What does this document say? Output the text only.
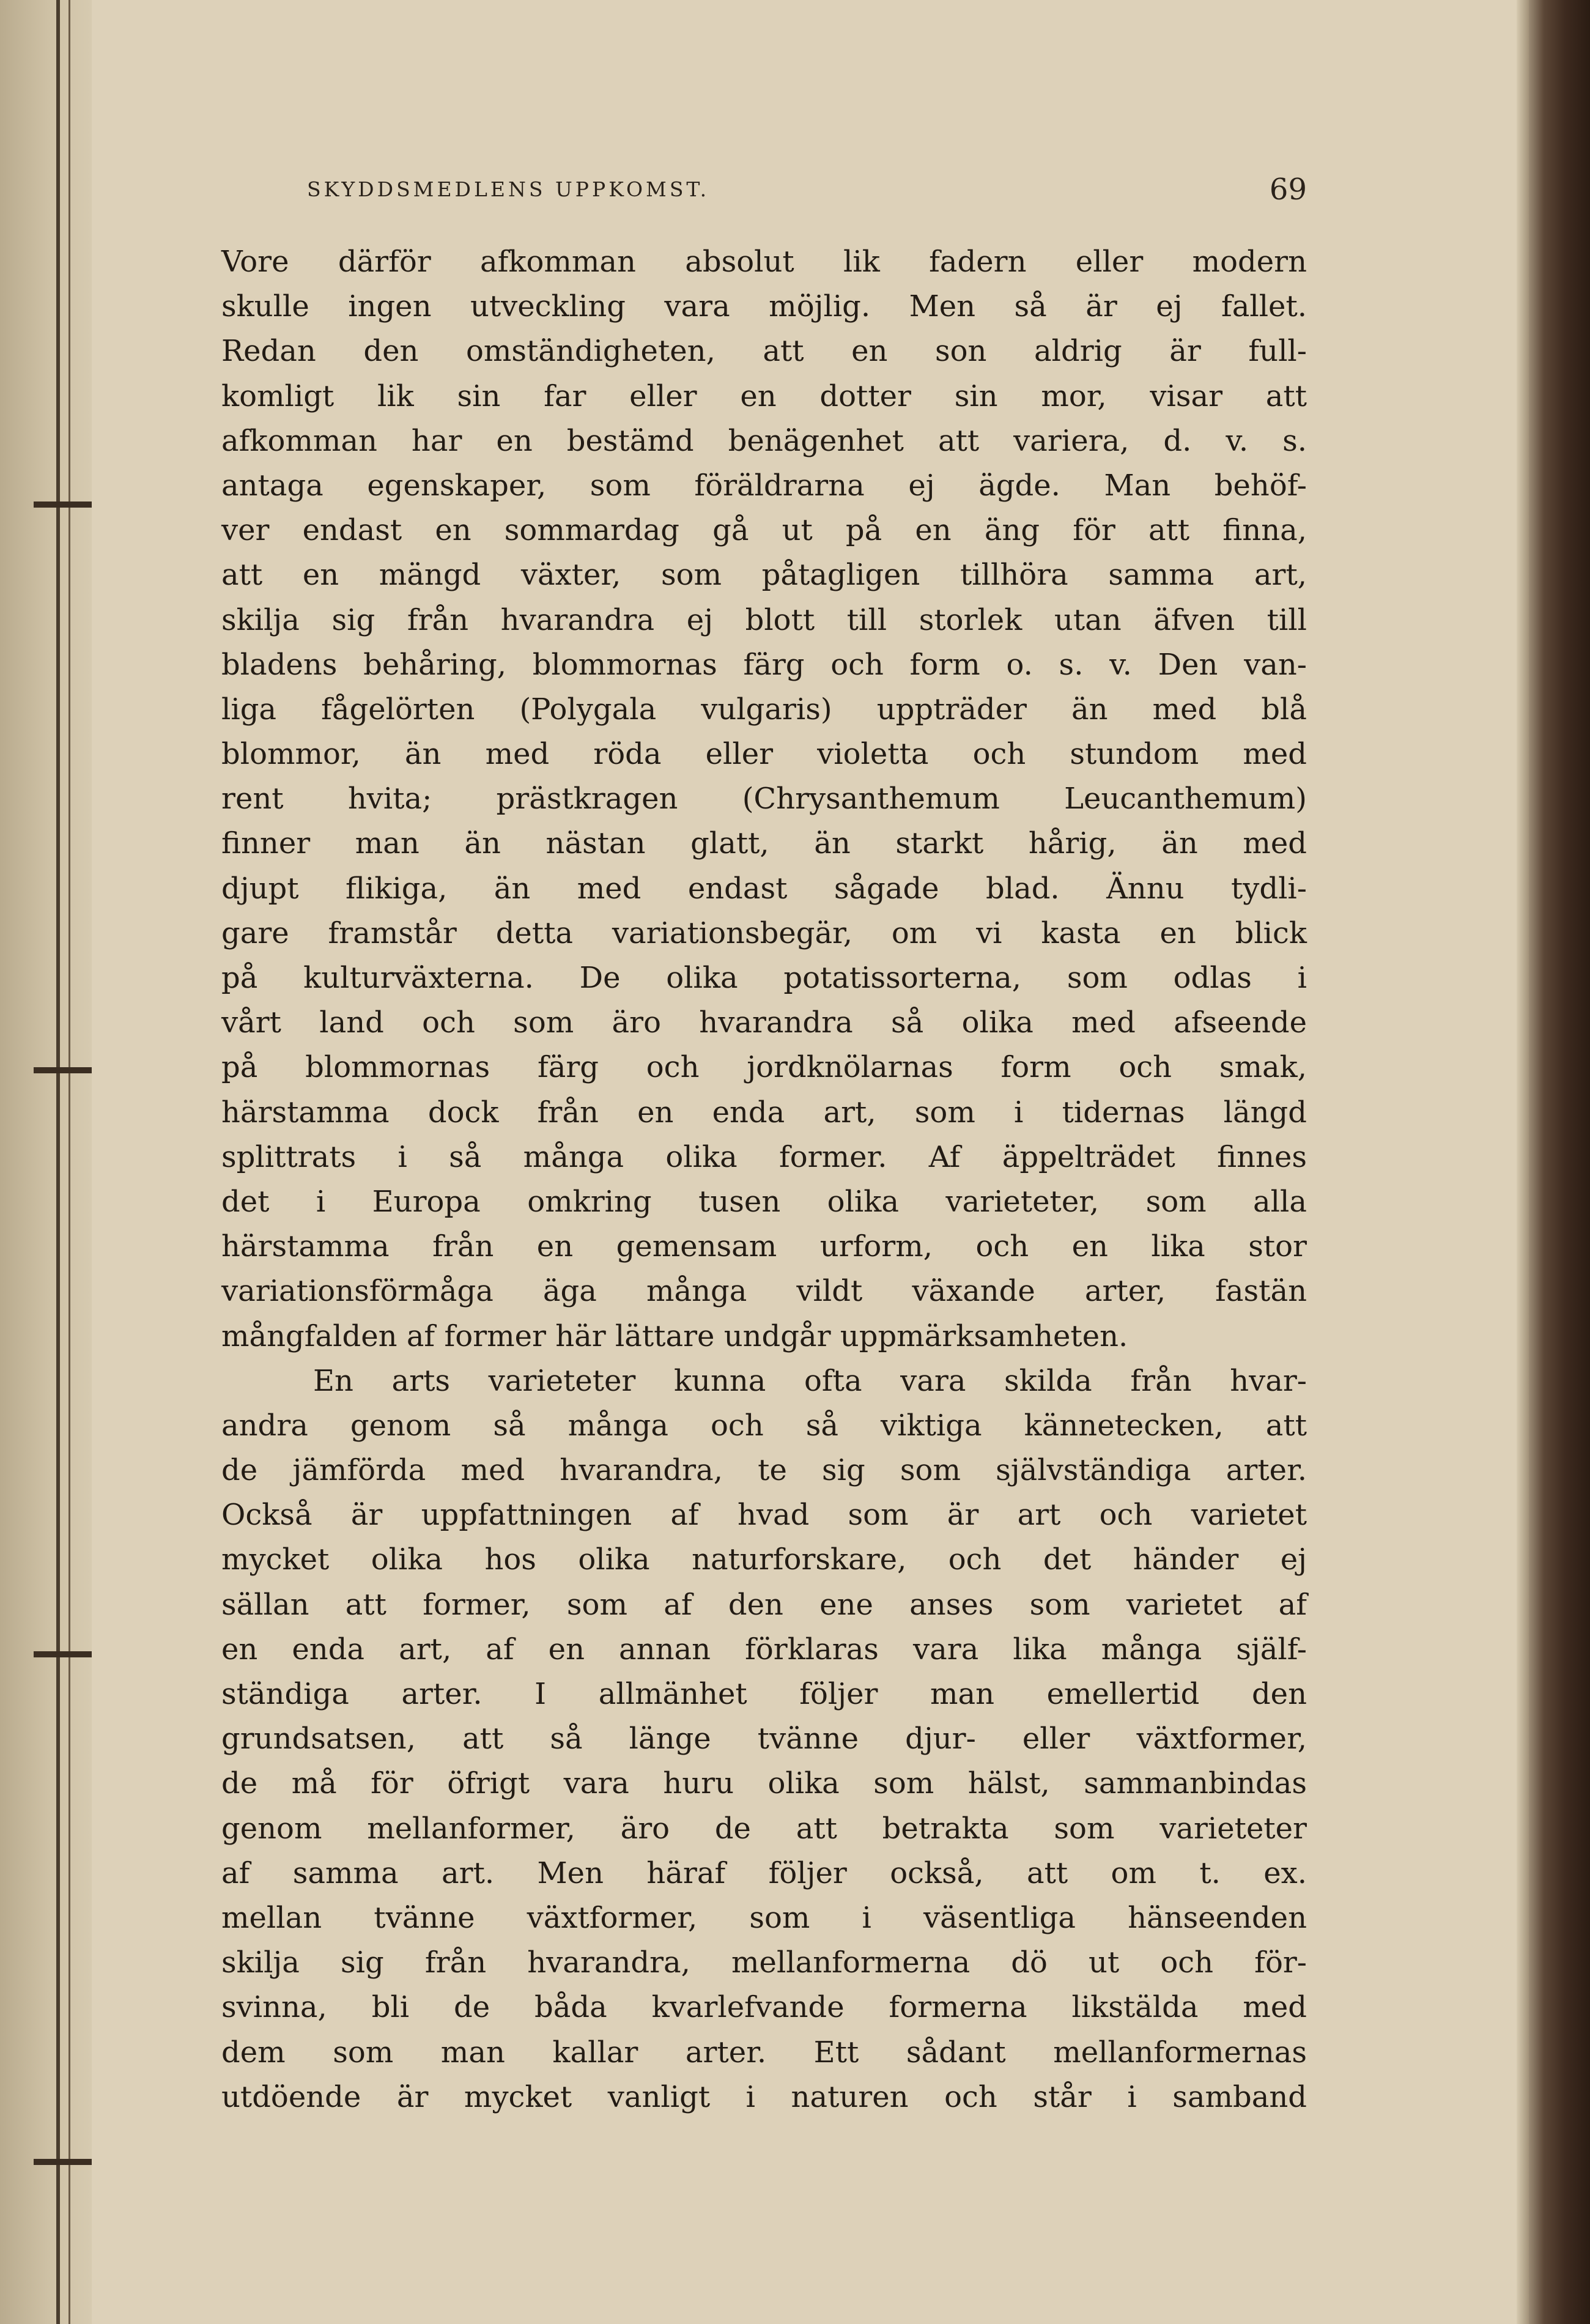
SKYDDSMEDLENS UPPKOMST.	69
Vore därför afkomman absolut lik fadern eller modern
skulle ingen utveckling vara möjlig. Men så är ej fallet.
Redan den omständigheten, att en son aldrig är full-
komligt lik sin far eller en dotter sin mor, visar att
afkomman har en bestämd benägenhet att variera, d. v. s.
antaga egenskaper, som föräldrarna ej ägde. Man behöf-
ver endast en sommardag gå ut på en äng för att finna,
att en mängd växter, som påtagligen tillhöra samma art,
skilja sig från hvarandra ej blott till storlek utan äfven till
bladens behåring, blommornas färg och form o. s. v. Den van-
liga fågelörten (Polygala vulgaris) uppträder än med blå
blommor, än med röda eller violetta och stundom med
rent hvita; prästkragen (Chrysanthemum Leucanthemum)
finner man än nästan glatt, än starkt hårig, än med
djupt flikiga, än med endast sågade blad. Ännu tydli-
gare framstår detta variationsbegär, om vi kasta en blick
på kulturväxterna. De olika potatissorterna, som odlas i
vårt land och som äro hvarandra så olika med afseende
på blommornas färg och jordknölarnas form och smak,
härstamma dock från en enda art, som i tidernas längd
splittrats i så många olika former. Af äppelträdet finnes
det i Europa omkring tusen olika varieteter, som alla
härstamma från en gemensam urform, och en lika stor
variationsförmåga äga många vildt växande arter, fastän
mångfalden af former här lättare undgår uppmärksamheten.
En arts varieteter kunna ofta vara skilda från hvar-
andra genom så många och så viktiga kännetecken, att
de jämförda med hvarandra, te sig som självständiga arter.
Också är uppfattningen af hvad som är art och varietet
mycket olika hos olika naturforskare, och det händer ej
sällan att former, som af den ene anses som varietet af
en enda art, af en annan förklaras vara lika många själf-
ständiga arter. I allmänhet följer man emellertid den
grundsatsen, att så länge tvänne djur- eller växtformer,
de må för öfrigt vara huru olika som hälst, sammanbindas
genom mellanformer, äro de att betrakta som varieteter
af samma art. Men häraf följer också, att om t. ex.
mellan tvänne växtformer, som i väsentliga hänseenden
skilja sig från hvarandra, mellanformerna dö ut och för-
svinna, bli de båda kvarlefvande formerna likstälda med
dem som man kallar arter. Ett sådant mellanformernas
utdöende är mycket vanligt i naturen och står i samband
